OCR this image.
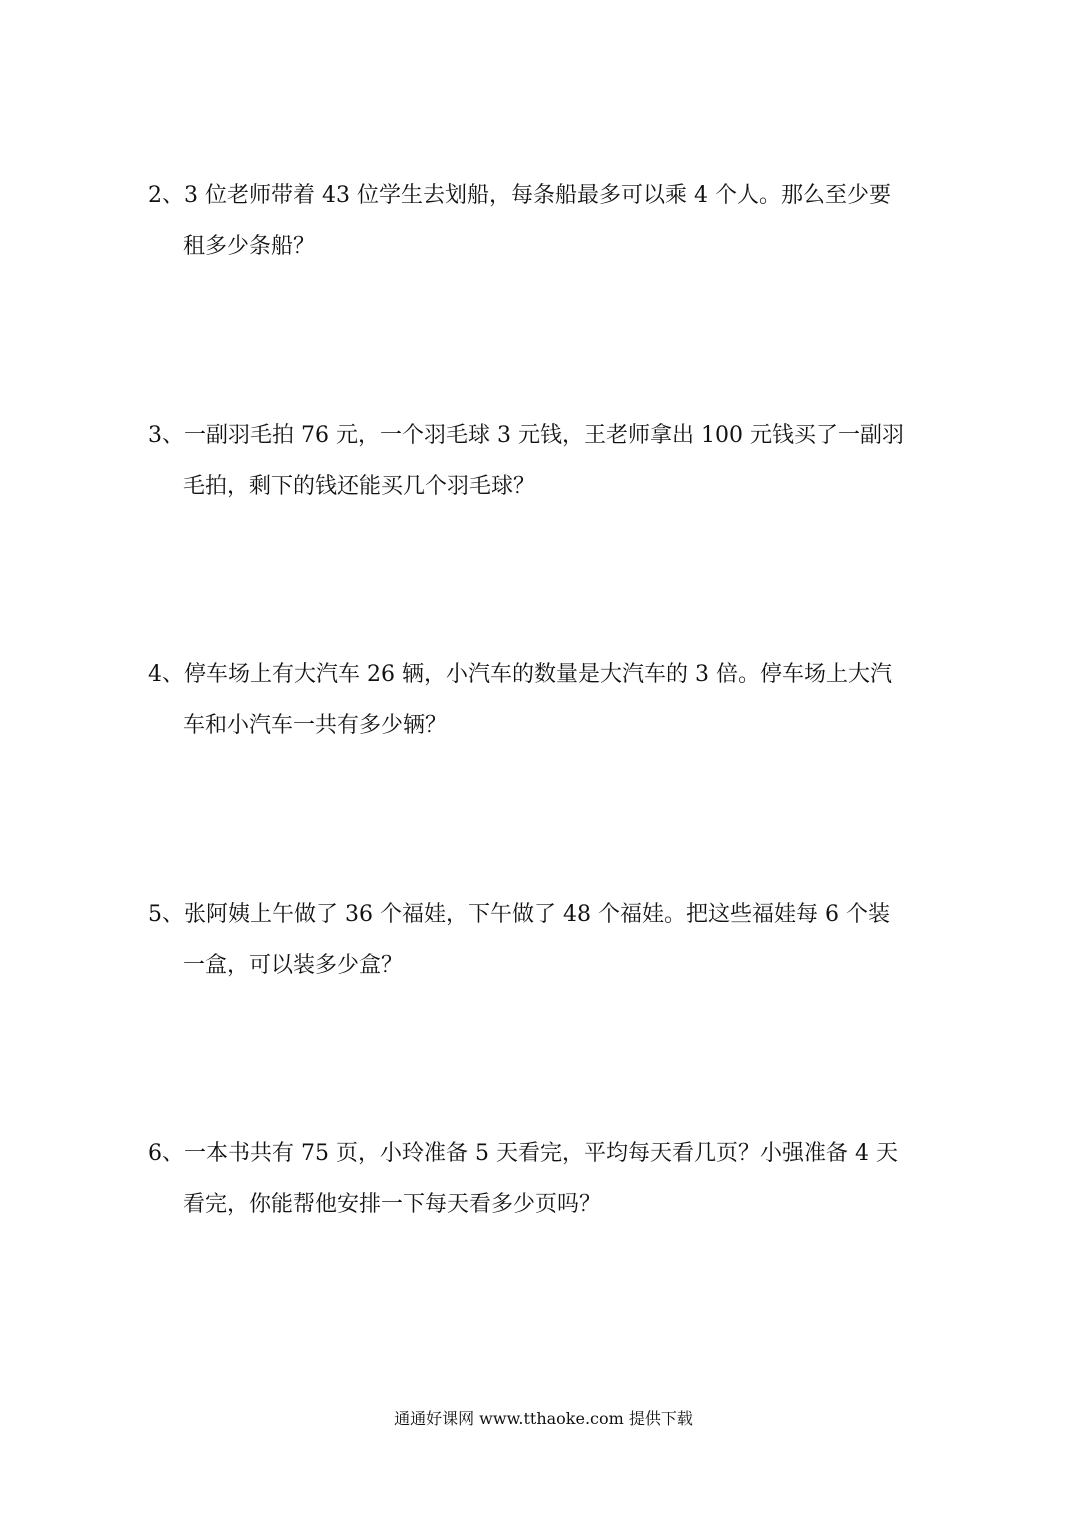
2、3 位老师带着 43 位学生去划船，每条船最多可以乘 4 个人。那么至少要
租多少条船？
3、一副羽毛拍 76 元，一个羽毛球 3 元钱，王老师拿出 100 元钱买了一副羽
毛拍，剩下的钱还能买几个羽毛球？
4、停车场上有大汽车 26 辆，小汽车的数量是大汽车的 3 倍。停车场上大汽
车和小汽车一共有多少辆？
5、张阿姨上午做了 36 个福娃，下午做了 48 个福娃。把这些福娃每 6 个装
一盒，可以装多少盒？
6、一本书共有 75 页，小玲准备 5 天看完，平均每天看几页？小强准备 4 天
看完，你能帮他安排一下每天看多少页吗？
通通好课网 www.tthaoke.com 提供下载
